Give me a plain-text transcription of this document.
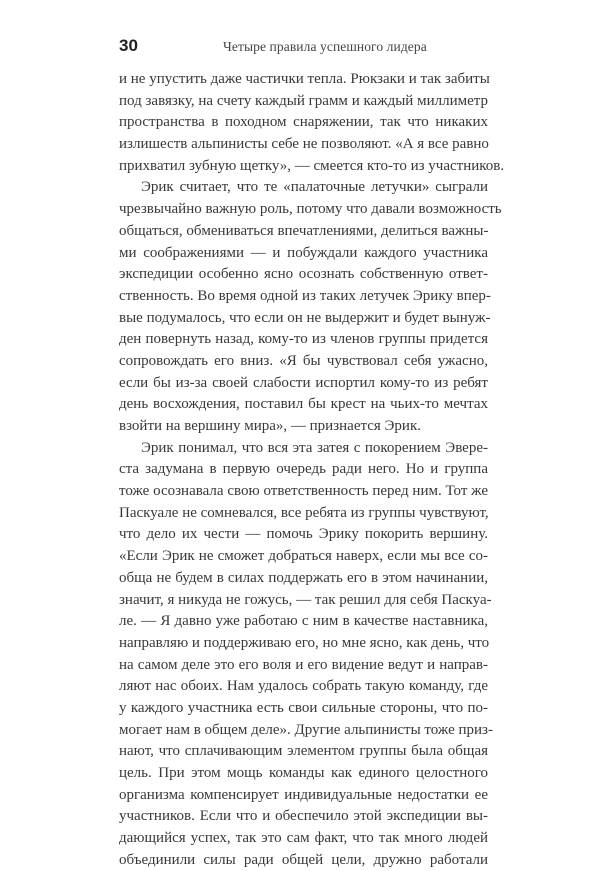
30	Четыре правила успешного лидера
и не упустить даже частички тепла. Рюкзаки и так забиты
под завязку, на счету каждый грамм и каждый миллиметр
пространства в походном снаряжении, так что никаких
излишеств альпинисты себе не позволяют. «А я все равно
прихватил зубную щетку», — смеется кто-то из участников.
Эрик считает, что те «палаточные летучки» сыграли
чрезвычайно важную роль, потому что давали возможность
общаться, обмениваться впечатлениями, делиться важны-
ми соображениями — и побуждали каждого участника
экспедиции особенно ясно осознать собственную ответ-
ственность. Во время одной из таких летучек Эрику впер-
вые подумалось, что если он не выдержит и будет вынуж-
ден повернуть назад, кому-то из членов группы придется
сопровождать его вниз. «Я бы чувствовал себя ужасно,
если бы из-за своей слабости испортил кому-то из ребят
день восхождения, поставил бы крест на чьих-то мечтах
взойти на вершину мира», — признается Эрик.
Эрик понимал, что вся эта затея с покорением Эвере-
ста задумана в первую очередь ради него. Но и группа
тоже осознавала свою ответственность перед ним. Тот же
Паскуале не сомневался, все ребята из группы чувствуют,
что дело их чести — помочь Эрику покорить вершину.
«Если Эрик не сможет добраться наверх, если мы все со-
обща не будем в силах поддержать его в этом начинании,
значит, я никуда не гожусь, — так решил для себя Паскуа-
ле. — Я давно уже работаю с ним в качестве наставника,
направляю и поддерживаю его, но мне ясно, как день, что
на самом деле это его воля и его видение ведут и направ-
ляют нас обоих. Нам удалось собрать такую команду, где
у каждого участника есть свои сильные стороны, что по-
могает нам в общем деле». Другие альпинисты тоже приз-
нают, что сплачивающим элементом группы была общая
цель. При этом мощь команды как единого целостного
организма компенсирует индивидуальные недостатки ее
участников. Если что и обеспечило этой экспедиции вы-
дающийся успех, так это сам факт, что так много людей
объединили силы ради общей цели, дружно работали
